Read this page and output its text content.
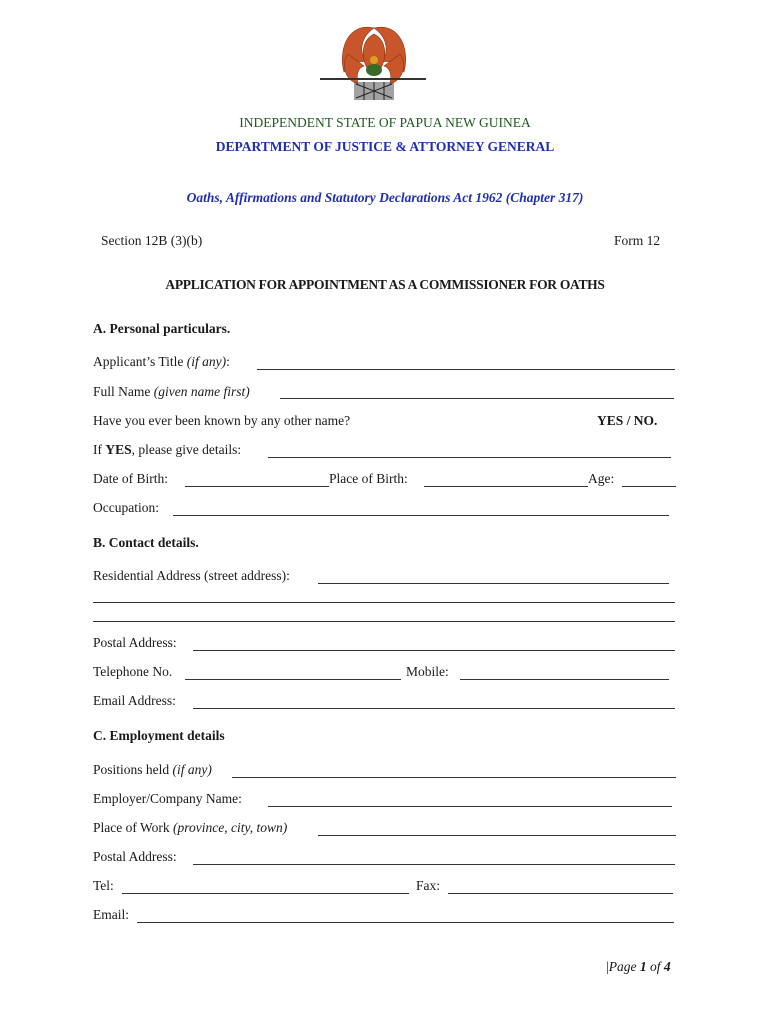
INDEPENDENT STATE OF PAPUA NEW GUINEA
DEPARTMENT OF JUSTICE & ATTORNEY GENERAL
Oaths, Affirmations and Statutory Declarations Act 1962 (Chapter 317)
Section 12B (3)(b)	Form 12
APPLICATION FOR APPOINTMENT AS A COMMISSIONER FOR OATHS
A. Personal particulars.
Applicant’s Title (if any):
Full Name (given name first)
Have you ever been known by any other name?	YES / NO.
If YES, please give details:
Date of Birth:	Place of Birth:	Age:
Occupation:
B. Contact details.
Residential Address (street address):
Postal Address:
Telephone No.	Mobile:
Email Address:
C. Employment details
Positions held (if any)
Employer/Company Name:
Place of Work (province, city, town)
Postal Address:
Tel:	Fax:
Email:
|Page 1 of 4
